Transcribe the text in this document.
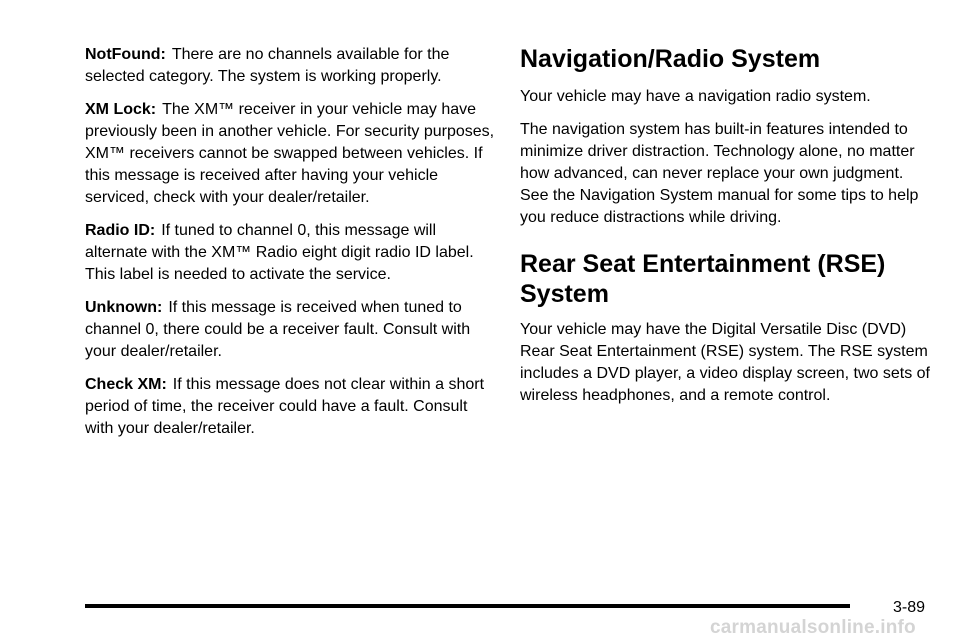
NotFound: There are no channels available for the selected category. The system is working properly.

XM Lock: The XM™ receiver in your vehicle may have previously been in another vehicle. For security purposes, XM™ receivers cannot be swapped between vehicles. If this message is received after having your vehicle serviced, check with your dealer/retailer.

Radio ID: If tuned to channel 0, this message will alternate with the XM™ Radio eight digit radio ID label. This label is needed to activate the service.

Unknown: If this message is received when tuned to channel 0, there could be a receiver fault. Consult with your dealer/retailer.

Check XM: If this message does not clear within a short period of time, the receiver could have a fault. Consult with your dealer/retailer.

Navigation/Radio System

Your vehicle may have a navigation radio system.

The navigation system has built-in features intended to minimize driver distraction. Technology alone, no matter how advanced, can never replace your own judgment. See the Navigation System manual for some tips to help you reduce distractions while driving.

Rear Seat Entertainment (RSE)
System

Your vehicle may have the Digital Versatile Disc (DVD) Rear Seat Entertainment (RSE) system. The RSE system includes a DVD player, a video display screen, two sets of wireless headphones, and a remote control.

3-89
carmanualsonline.info
